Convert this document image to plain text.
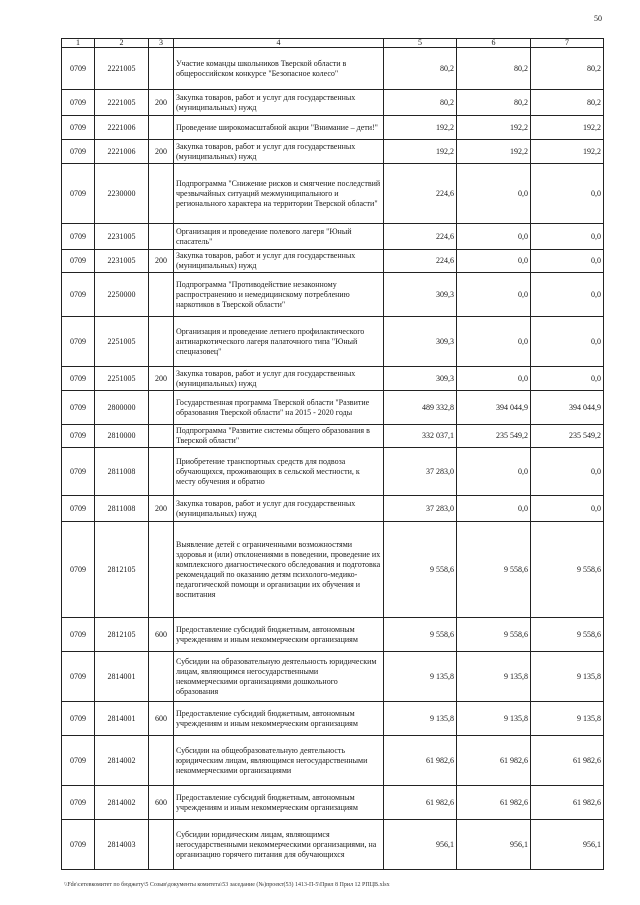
50
1	2	3	4	5	6	7
0709	2221005		Участие команды школьников Тверской области в общероссийском конкурсе "Безопасное колесо"	80,2	80,2	80,2
0709	2221005	200	Закупка товаров, работ и услуг для государственных (муниципальных) нужд	80,2	80,2	80,2
0709	2221006		Проведение широкомасштабной акции "Внимание – дети!"	192,2	192,2	192,2
0709	2221006	200	Закупка товаров, работ и услуг для государственных (муниципальных) нужд	192,2	192,2	192,2
0709	2230000		Подпрограмма "Снижение рисков и смягчение последствий чрезвычайных ситуаций межмуниципального и регионального характера на территории Тверской области"	224,6	0,0	0,0
0709	2231005		Организация и проведение полевого лагеря "Юный спасатель"	224,6	0,0	0,0
0709	2231005	200	Закупка товаров, работ и услуг для государственных (муниципальных) нужд	224,6	0,0	0,0
0709	2250000		Подпрограмма "Противодействие незаконному распространению и немедицинскому потреблению наркотиков в Тверской области"	309,3	0,0	0,0
0709	2251005		Организация и проведение летнего профилактического антинаркотического лагеря палаточного типа "Юный спецназовец"	309,3	0,0	0,0
0709	2251005	200	Закупка товаров, работ и услуг для государственных (муниципальных) нужд	309,3	0,0	0,0
0709	2800000		Государственная программа Тверской области "Развитие образования Тверской области" на 2015 - 2020 годы	489 332,8	394 044,9	394 044,9
0709	2810000		Подпрограмма "Развитие системы общего образования в Тверской области"	332 037,1	235 549,2	235 549,2
0709	2811008		Приобретение транспортных средств для подвоза обучающихся, проживающих в сельской местности, к месту обучения и обратно	37 283,0	0,0	0,0
0709	2811008	200	Закупка товаров, работ и услуг для государственных (муниципальных) нужд	37 283,0	0,0	0,0
0709	2812105		Выявление детей с ограниченными возможностями здоровья и (или) отклонениями в поведении, проведение их комплексного диагностического обследования и подготовка рекомендаций по оказанию детям психолого-медико-педагогической помощи и организации их обучения и воспитания	9 558,6	9 558,6	9 558,6
0709	2812105	600	Предоставление субсидий бюджетным, автономным учреждениям и иным некоммерческим организациям	9 558,6	9 558,6	9 558,6
0709	2814001		Субсидии на образовательную деятельность юридическим лицам, являющимся негосударственными некоммерческими организациями дошкольного образования	9 135,8	9 135,8	9 135,8
0709	2814001	600	Предоставление субсидий бюджетным, автономным учреждениям и иным некоммерческим организациям	9 135,8	9 135,8	9 135,8
0709	2814002		Субсидии на общеобразовательную деятельность юридическим лицам, являющимся негосударственными некоммерческими организациями	61 982,6	61 982,6	61 982,6
0709	2814002	600	Предоставление субсидий бюджетным, автономным учреждениям и иным некоммерческим организациям	61 982,6	61 982,6	61 982,6
0709	2814003		Субсидии юридическим лицам, являющимся негосударственными некоммерческими организациями, на организацию горячего питания для обучающихся	956,1	956,1	956,1
\\Fde\сетевкомитет по бюджету\5 Созыв\документы комитета\53 заседание (№)проект(53) 1413-П-5\Прил 8 Прил 12 РПЦВ.xlsx
